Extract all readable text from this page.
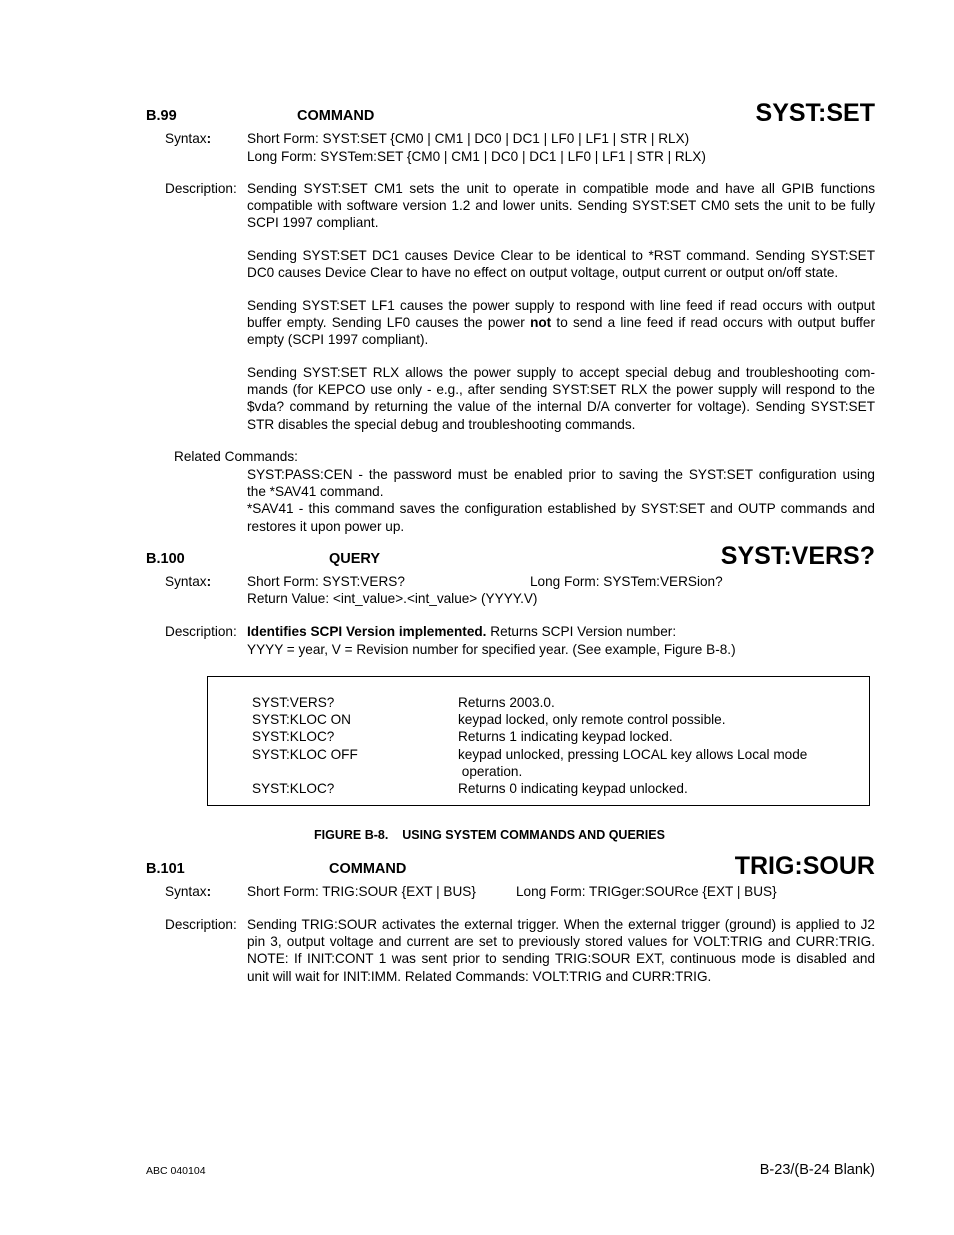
B.99	COMMAND	SYST:SET
Syntax:	Short Form: SYST:SET {CM0 | CM1 | DC0 | DC1 | LF0 | LF1 | STR | RLX)
Long Form: SYSTem:SET {CM0 | CM1 | DC0 | DC1 | LF0 | LF1 | STR | RLX)
Description: Sending SYST:SET CM1 sets the unit to operate in compatible mode and have all GPIB functions
compatible with software version 1.2 and lower units. Sending SYST:SET CM0 sets the unit to be fully
SCPI 1997 compliant.
Sending SYST:SET DC1 causes Device Clear to be identical to *RST command. Sending SYST:SET
DC0 causes Device Clear to have no effect on output voltage, output current or output on/off state.
Sending SYST:SET LF1 causes the power supply to respond with line feed if read occurs with output
buffer empty. Sending LF0 causes the power not to send a line feed if read occurs with output buffer
empty (SCPI 1997 compliant).
Sending SYST:SET RLX allows the power supply to accept special debug and troubleshooting com-
mands (for KEPCO use only - e.g., after sending SYST:SET RLX the power supply will respond to the
$vda? command by returning the value of the internal D/A converter for voltage). Sending SYST:SET
STR disables the special debug and troubleshooting commands.
Related Commands:
SYST:PASS:CEN - the password must be enabled prior to saving the SYST:SET configuration using
the *SAV41 command.
*SAV41 - this command saves the configuration established by SYST:SET and OUTP commands and
restores it upon power up.
B.100	QUERY	SYST:VERS?
Syntax:	Short Form: SYST:VERS?	Long Form: SYSTem:VERSion?
Return Value: <int_value>.<int_value> (YYYY.V)
Description: Identifies SCPI Version implemented. Returns SCPI Version number:
YYYY = year, V = Revision number for specified year. (See example, Figure B-8.)
SYST:VERS?	Returns 2003.0.
SYST:KLOC ON	keypad locked, only remote control possible.
SYST:KLOC?	Returns 1 indicating keypad locked.
SYST:KLOC OFF	keypad unlocked, pressing LOCAL key allows Local mode
operation.
SYST:KLOC?	Returns 0 indicating keypad unlocked.
FIGURE B-8.    USING SYSTEM COMMANDS AND QUERIES
B.101	COMMAND	TRIG:SOUR
Syntax:	Short Form: TRIG:SOUR {EXT | BUS}	Long Form: TRIGger:SOURce {EXT | BUS}
Description: Sending TRIG:SOUR activates the external trigger. When the external trigger (ground) is applied to J2
pin 3, output voltage and current are set to previously stored values for VOLT:TRIG and CURR:TRIG.
NOTE: If INIT:CONT 1 was sent prior to sending TRIG:SOUR EXT, continuous mode is disabled and
unit will wait for INIT:IMM. Related Commands: VOLT:TRIG and CURR:TRIG.
ABC 040104	B-23/(B-24 Blank)
